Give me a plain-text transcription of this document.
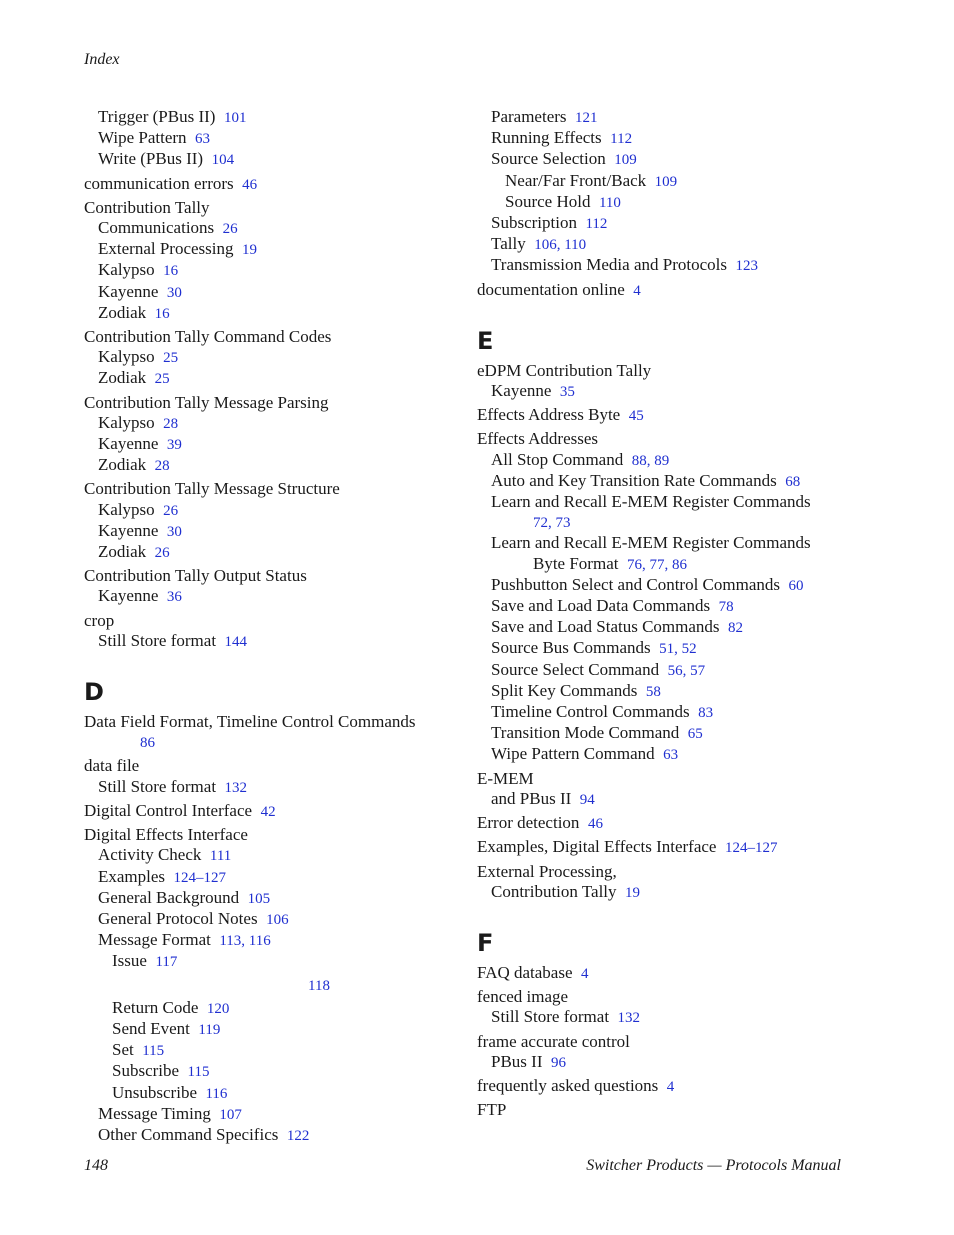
Index
Trigger (PBus II) 101
Wipe Pattern 63
Write (PBus II) 104
communication errors 46
Contribution Tally
Communications 26
External Processing 19
Kalypso 16
Kayenne 30
Zodiak 16
Contribution Tally Command Codes
Kalypso 25
Zodiak 25
Contribution Tally Message Parsing
Kalypso 28
Kayenne 39
Zodiak 28
Contribution Tally Message Structure
Kalypso 26
Kayenne 30
Zodiak 26
Contribution Tally Output Status
Kayenne 36
crop
Still Store format 144
D
Data Field Format, Timeline Control Commands
86
data file
Still Store format 132
Digital Control Interface 42
Digital Effects Interface
Activity Check 111
Examples 124–127
General Background 105
General Protocol Notes 106
Message Format 113, 116
Issue 117
118
Return Code 120
Send Event 119
Set 115
Subscribe 115
Unsubscribe 116
Message Timing 107
Other Command Specifics 122
Parameters 121
Running Effects 112
Source Selection 109
Near/Far Front/Back 109
Source Hold 110
Subscription 112
Tally 106, 110
Transmission Media and Protocols 123
documentation online 4
E
eDPM Contribution Tally
Kayenne 35
Effects Address Byte 45
Effects Addresses
All Stop Command 88, 89
Auto and Key Transition Rate Commands 68
Learn and Recall E-MEM Register Commands
72, 73
Learn and Recall E-MEM Register Commands
Byte Format 76, 77, 86
Pushbutton Select and Control Commands 60
Save and Load Data Commands 78
Save and Load Status Commands 82
Source Bus Commands 51, 52
Source Select Command 56, 57
Split Key Commands 58
Timeline Control Commands 83
Transition Mode Command 65
Wipe Pattern Command 63
E-MEM
and PBus II 94
Error detection 46
Examples, Digital Effects Interface 124–127
External Processing,
Contribution Tally 19
F
FAQ database 4
fenced image
Still Store format 132
frame accurate control
PBus II 96
frequently asked questions 4
FTP
148	Switcher Products — Protocols Manual
